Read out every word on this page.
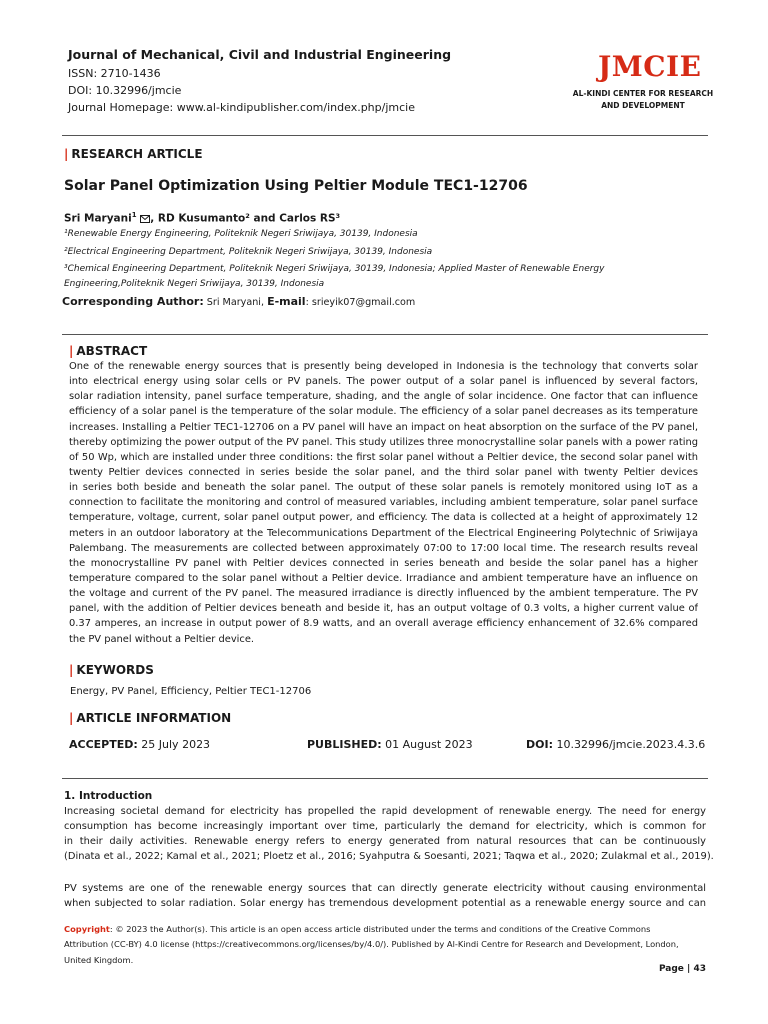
Journal of Mechanical, Civil and Industrial Engineering
ISSN: 2710-1436
DOI: 10.32996/jmcie
Journal Homepage: www.al-kindipublisher.com/index.php/jmcie
JMCIE
AL-KINDI CENTER FOR RESEARCH
AND DEVELOPMENT
| RESEARCH ARTICLE
Solar Panel Optimization Using Peltier Module TEC1-12706
Sri Maryani$^1$ , RD Kusumanto² and Carlos RS³
¹Renewable Energy Engineering, Politeknik Negeri Sriwijaya, 30139, Indonesia
²Electrical Engineering Department, Politeknik Negeri Sriwijaya, 30139, Indonesia
³Chemical Engineering Department, Politeknik Negeri Sriwijaya, 30139, Indonesia; Applied Master of Renewable Energy
Engineering,Politeknik Negeri Sriwijaya, 30139, Indonesia
Corresponding Author: Sri Maryani, E-mail: srieyik07@gmail.com
| ABSTRACT
One of the renewable energy sources that is presently being developed in Indonesia is the technology that converts solar
into electrical energy using solar cells or PV panels. The power output of a solar panel is influenced by several factors,
solar radiation intensity, panel surface temperature, shading, and the angle of solar incidence. One factor that can influence
efficiency of a solar panel is the temperature of the solar module. The efficiency of a solar panel decreases as its temperature
increases. Installing a Peltier TEC1-12706 on a PV panel will have an impact on heat absorption on the surface of the PV panel,
thereby optimizing the power output of the PV panel. This study utilizes three monocrystalline solar panels with a power rating
of 50 Wp, which are installed under three conditions: the first solar panel without a Peltier device, the second solar panel with
twenty Peltier devices connected in series beside the solar panel, and the third solar panel with twenty Peltier devices
in series both beside and beneath the solar panel. The output of these solar panels is remotely monitored using IoT as a
connection to facilitate the monitoring and control of measured variables, including ambient temperature, solar panel surface
temperature, voltage, current, solar panel output power, and efficiency. The data is collected at a height of approximately 12
meters in an outdoor laboratory at the Telecommunications Department of the Electrical Engineering Polytechnic of Sriwijaya
Palembang. The measurements are collected between approximately 07:00 to 17:00 local time. The research results reveal
the monocrystalline PV panel with Peltier devices connected in series beneath and beside the solar panel has a higher
temperature compared to the solar panel without a Peltier device. Irradiance and ambient temperature have an influence on
the voltage and current of the PV panel. The measured irradiance is directly influenced by the ambient temperature. The PV
panel, with the addition of Peltier devices beneath and beside it, has an output voltage of 0.3 volts, a higher current value of
0.37 amperes, an increase in output power of 8.9 watts, and an overall average efficiency enhancement of 32.6% compared
the PV panel without a Peltier device.
| KEYWORDS
Energy, PV Panel, Efficiency, Peltier TEC1-12706
| ARTICLE INFORMATION
ACCEPTED: 25 July 2023	PUBLISHED: 01 August 2023	DOI: 10.32996/jmcie.2023.4.3.6
1. Introduction
Increasing societal demand for electricity has propelled the rapid development of renewable energy. The need for energy
consumption has become increasingly important over time, particularly the demand for electricity, which is common for
in their daily activities. Renewable energy refers to energy generated from natural resources that can be continuously
(Dinata et al., 2022; Kamal et al., 2021; Ploetz et al., 2016; Syahputra & Soesanti, 2021; Taqwa et al., 2020; Zulakmal et al., 2019).
PV systems are one of the renewable energy sources that can directly generate electricity without causing environmental
when subjected to solar radiation. Solar energy has tremendous development potential as a renewable energy source and can
Copyright: © 2023 the Author(s). This article is an open access article distributed under the terms and conditions of the Creative Commons Attribution (CC-BY) 4.0 license (https://creativecommons.org/licenses/by/4.0/). Published by Al-Kindi Centre for Research and Development, London, United Kingdom.
Page | 43
